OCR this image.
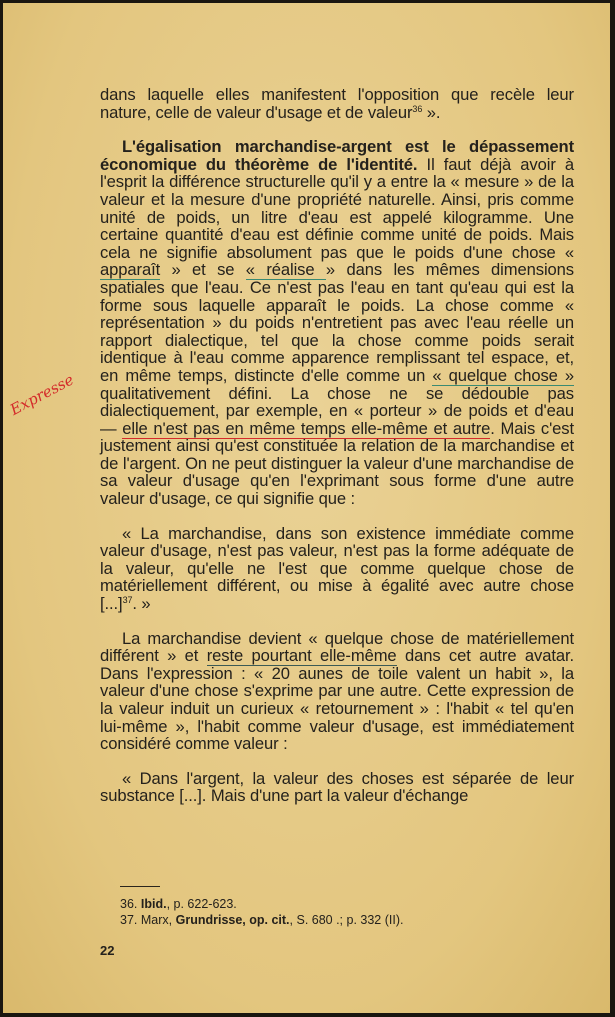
Expresse

dans laquelle elles manifestent l'opposition que recèle leur nature, celle de valeur d'usage et de valeur$^{36}$ ».

L'égalisation marchandise-argent est le dépassement économique du théorème de l'identité. Il faut déjà avoir à l'esprit la différence structurelle qu'il y a entre la « mesure » de la valeur et la mesure d'une propriété naturelle. Ainsi, pris comme unité de poids, un litre d'eau est appelé kilogramme. Une certaine quantité d'eau est définie comme unité de poids. Mais cela ne signifie absolument pas que le poids d'une chose « apparaît » et se « réalise » dans les mêmes dimensions spatiales que l'eau. Ce n'est pas l'eau en tant qu'eau qui est la forme sous laquelle apparaît le poids. La chose comme « représentation » du poids n'entretient pas avec l'eau réelle un rapport dialectique, tel que la chose comme poids serait identique à l'eau comme apparence remplissant tel espace, et, en même temps, distincte d'elle comme un « quelque chose » qualitativement défini. La chose ne se dédouble pas dialectiquement, par exemple, en « porteur » de poids et d'eau — elle n'est pas en même temps elle-même et autre. Mais c'est justement ainsi qu'est constituée la relation de la marchandise et de l'argent. On ne peut distinguer la valeur d'une marchandise de sa valeur d'usage qu'en l'exprimant sous forme d'une autre valeur d'usage, ce qui signifie que :

« La marchandise, dans son existence immédiate comme valeur d'usage, n'est pas valeur, n'est pas la forme adéquate de la valeur, qu'elle ne l'est que comme quelque chose de matériellement différent, ou mise à égalité avec autre chose [...]$^{37}$. »

La marchandise devient « quelque chose de matériellement différent » et reste pourtant elle-même dans cet autre avatar. Dans l'expression : « 20 aunes de toile valent un habit », la valeur d'une chose s'exprime par une autre. Cette expression de la valeur induit un curieux « retournement » : l'habit « tel qu'en lui-même », l'habit comme valeur d'usage, est immédiatement considéré comme valeur :

« Dans l'argent, la valeur des choses est séparée de leur substance [...]. Mais d'une part la valeur d'échange

36. Ibid., p. 622-623.

37. Marx, Grundrisse, op. cit., S. 680 .; p. 332 (II).

22
